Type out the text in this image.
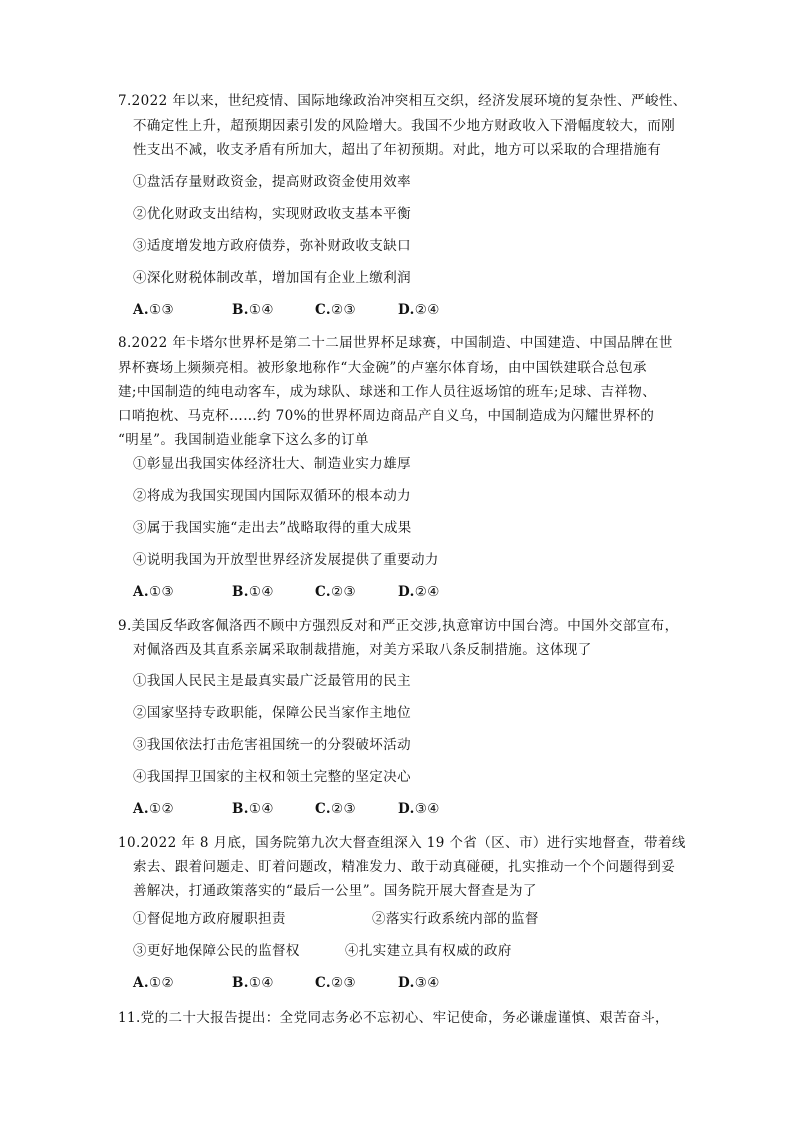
7.2022 年以来，世纪疫情、国际地缘政治冲突相互交织，经济发展环境的复杂性、严峻性、
不确定性上升，超预期因素引发的风险增大。我国不少地方财政收入下滑幅度较大，而刚
性支出不减，收支矛盾有所加大，超出了年初预期。对此，地方可以采取的合理措施有
①盘活存量财政资金，提高财政资金使用效率
②优化财政支出结构，实现财政收支基本平衡
③适度增发地方政府债券，弥补财政收支缺口
④深化财税体制改革，增加国有企业上缴利润
A.①③	B.①④	C.②③	D.②④
8.2022 年卡塔尔世界杯是第二十二届世界杯足球赛，中国制造、中国建造、中国品牌在世
界杯赛场上频频亮相。被形象地称作“大金碗”的卢塞尔体育场，由中国铁建联合总包承
建;中国制造的纯电动客车，成为球队、球迷和工作人员往返场馆的班车;足球、吉祥物、
口哨抱枕、马克杯……约 70%的世界杯周边商品产自义乌，中国制造成为闪耀世界杯的
“明星”。我国制造业能拿下这么多的订单
①彰显出我国实体经济壮大、制造业实力雄厚
②将成为我国实现国内国际双循环的根本动力
③属于我国实施“走出去”战略取得的重大成果
④说明我国为开放型世界经济发展提供了重要动力
A.①③	B.①④	C.②③	D.②④
9.美国反华政客佩洛西不顾中方强烈反对和严正交涉,执意窜访中国台湾。中国外交部宣布，
对佩洛西及其直系亲属采取制裁措施，对美方采取八条反制措施。这体现了
①我国人民民主是最真实最广泛最管用的民主
②国家坚持专政职能，保障公民当家作主地位
③我国依法打击危害祖国统一的分裂破坏活动
④我国捍卫国家的主权和领土完整的坚定决心
A.①②	B.①④	C.②③	D.③④
10.2022 年 8 月底，国务院第九次大督查组深入 19 个省（区、市）进行实地督查，带着线
索去、跟着问题走、盯着问题改，精准发力、敢于动真碰硬，扎实推动一个个问题得到妥
善解决，打通政策落实的“最后一公里”。国务院开展大督查是为了
①督促地方政府履职担责	②落实行政系统内部的监督
③更好地保障公民的监督权	④扎实建立具有权威的政府
A.①②	B.①④	C.②③	D.③④
11.党的二十大报告提出：全党同志务必不忘初心、牢记使命，务必谦虚谨慎、艰苦奋斗，
